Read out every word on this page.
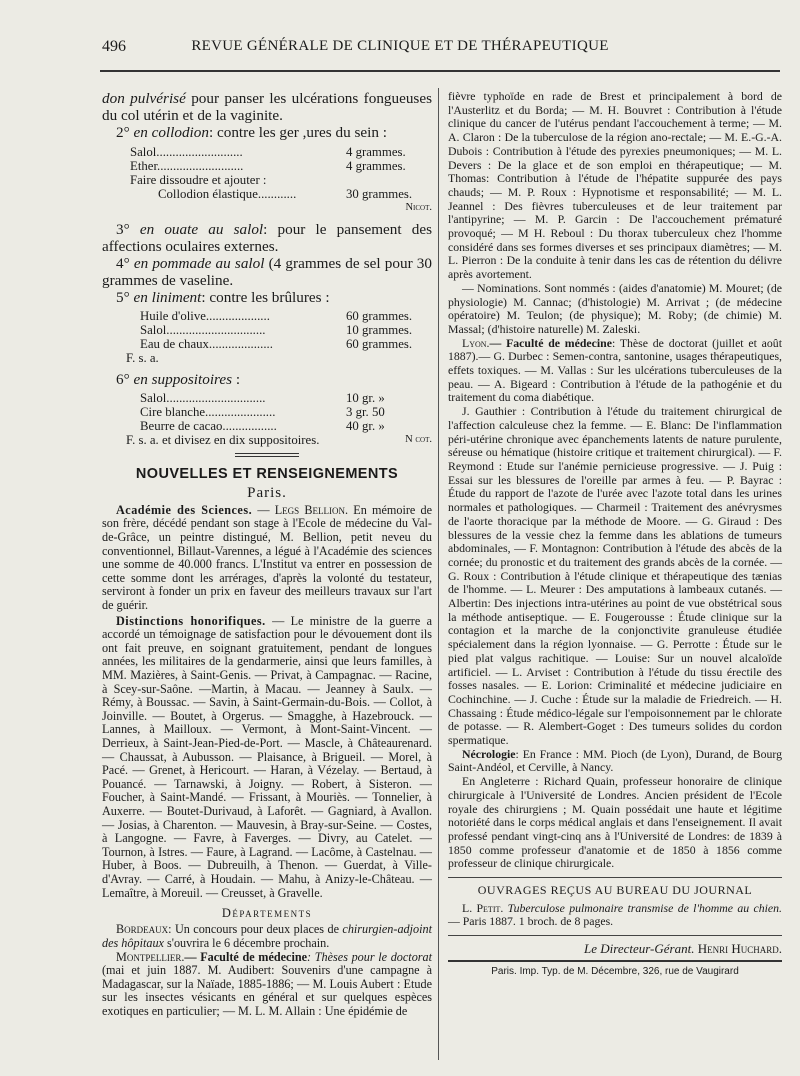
496	REVUE GÉNÉRALE DE CLINIQUE ET DE THÉRAPEUTIQUE

don pulvérisé pour panser les ulcérations fongueuses du col utérin et de la vaginite.

2° en collodion: contre les ger ,ures du sein :

Salol...........................	4 grammes.
Ether...........................	4 grammes.
Faire dissoudre et ajouter :
Collodion élastique............	30 grammes.
Nicot.

3° en ouate au salol: pour le pansement des affections oculaires externes.

4° en pommade au salol (4 grammes de sel pour 30 grammes de vaseline.

5° en liniment: contre les brûlures :

Huile d'olive....................	60 grammes.
Salol...............................	10 grammes.
Eau de chaux....................	60 grammes.
F. s. a.

6° en suppositoires :

Salol...............................	10 gr. »
Cire blanche......................	3 gr. 50
Beurre de cacao.................	40 gr. »
F. s. a. et divisez en dix suppositoires.	N cot.
NOUVELLES ET RENSEIGNEMENTS
Paris.

Académie des Sciences. — Legs Bellion. En mémoire de son frère, décédé pendant son stage à l'Ecole de médecine du Val-de-Grâce, un peintre distingué, M. Bellion, petit neveu du conventionnel, Billaut-Varennes, a légué à l'Académie des sciences une somme de 40.000 francs. L'Institut va entrer en possession de cette somme dont les arrérages, d'après la volonté du testateur, serviront à fonder un prix en faveur des meilleurs travaux sur l'art de guérir.

Distinctions honorifiques. — Le ministre de la guerre a accordé un témoignage de satisfaction pour le dévouement dont ils ont fait preuve, en soignant gratuitement, pendant de longues années, les militaires de la gendarmerie, ainsi que leurs familles, à MM. Mazières, à Saint-Genis. — Privat, à Campagnac. — Racine, à Scey-sur-Saône. —Martin, à Macau. — Jeanney à Saulx. — Rémy, à Boussac. — Savin, à Saint-Germain-du-Bois. — Collot, à Joinville. — Boutet, à Orgerus. — Smagghe, à Hazebrouck. — Lannes, à Mailloux. — Vermont, à Mont-Saint-Vincent. — Derrieux, à Saint-Jean-Pied-de-Port. — Mascle, à Châteaurenard. — Chaussat, à Aubusson. — Plaisance, à Brigueil. — Morel, à Pacé. — Grenet, à Hericourt. — Haran, à Vézelay. — Bertaud, à Pouancé. — Tarnawski, à Joigny. — Robert, à Sisteron. — Foucher, à Saint-Mandé. — Frissant, à Mouriès. — Tonnelier, à Auxerre. — Boutet-Durivaud, à Laforêt. — Gagniard, à Avallon. — Josias, à Charenton. — Mauvesin, à Bray-sur-Seine. — Costes, à Langogne. — Favre, à Faverges. — Divry, au Catelet. — Tournon, à Istres. — Faure, à Lagrand. — Lacôme, à Castelnau. — Huber, à Boos. — Dubreuilh, à Thenon. — Guerdat, à Ville-d'Avray. — Carré, à Houdain. — Mahu, à Anizy-le-Château. —Lemaître, à Moreuil. — Creusset, à Gravelle.

Départements

Bordeaux: Un concours pour deux places de chirurgien-adjoint des hôpitaux s'ouvrira le 6 décembre prochain.

Montpellier.— Faculté de médecine: Thèses pour le doctorat (mai et juin 1887. M. Audibert: Souvenirs d'une campagne à Madagascar, sur la Naïade, 1885-1886; — M. Louis Aubert : Etude sur les insectes vésicants en général et sur quelques espèces exotiques en particulier; — M. L. M. Allain : Une épidémie de

fièvre typhoïde en rade de Brest et principalement à bord de l'Austerlitz et du Borda; — M. H. Bouvret : Contribution à l'étude clinique du cancer de l'utérus pendant l'accouchement à terme; — M. A. Claron : De la tuberculose de la région ano-rectale; — M. E.-G.-A. Dubois : Contribution à l'étude des pyrexies pneumoniques; — M. L. Devers : De la glace et de son emploi en thérapeutique; — M. Thomas: Contribution à l'étude de l'hépatite suppurée des pays chauds; — M. P. Roux : Hypnotisme et responsabilité; — M. L. Jeannel : Des fièvres tuberculeuses et de leur traitement par l'antipyrine; — M. P. Garcin : De l'accouchement prématuré provoqué; — M H. Reboul : Du thorax tuberculeux chez l'homme considéré dans ses formes diverses et ses principaux diamètres; — M. L. Pierron : De la conduite à tenir dans les cas de rétention du délivre après avortement.

— Nominations. Sont nommés : (aides d'anatomie) M. Mouret; (de physiologie) M. Cannac; (d'histologie) M. Arrivat ; (de médecine opératoire) M. Teulon; (de physique); M. Roby; (de chimie) M. Massal; (d'histoire naturelle) M. Zaleski.

Lyon.— Faculté de médecine: Thèse de doctorat (juillet et août 1887).— G. Durbec : Semen-contra, santonine, usages thérapeutiques, effets toxiques. — M. Vallas : Sur les ulcérations tuberculeuses de la peau. — A. Bigeard : Contribution à l'étude de la pathogénie et du traitement du coma diabétique.

J. Gauthier : Contribution à l'étude du traitement chirurgical de l'affection calculeuse chez la femme. — E. Blanc: De l'inflammation péri-utérine chronique avec épanchements latents de nature purulente, séreuse ou hématique (histoire critique et traitement chirurgical). — F. Reymond : Etude sur l'anémie pernicieuse progressive. — J. Puig : Essai sur les blessures de l'oreille par armes à feu. — P. Bayrac : Étude du rapport de l'azote de l'urée avec l'azote total dans les urines normales et pathologiques. — Charmeil : Traitement des anévrysmes de l'aorte thoracique par la méthode de Moore. — G. Giraud : Des blessures de la vessie chez la femme dans les ablations de tumeurs abdominales, — F. Montagnon: Contribution à l'étude des abcès de la cornée; du pronostic et du traitement des grands abcès de la cornée. — G. Roux : Contribution à l'étude clinique et thérapeutique des tænias de l'homme. — L. Meurer : Des amputations à lambeaux cutanés. — Albertin: Des injections intra-utérines au point de vue obstétrical sous la méthode antiseptique. — E. Fougerousse : Étude clinique sur la contagion et la marche de la conjonctivite granuleuse étudiée spécialement dans la région lyonnaise. — G. Perrotte : Étude sur le pied plat valgus rachitique. — Louise: Sur un nouvel alcaloïde artificiel. — L. Arviset : Contribution à l'étude du tissu érectile des fosses nasales. — E. Lorion: Criminalité et médecine judiciaire en Cochinchine. — J. Cuche : Étude sur la maladie de Friedreich. — H. Chassaing : Étude médico-légale sur l'empoisonnement par le chlorate de potasse. — R. Alembert-Goget : Des tumeurs solides du cordon spermatique.

Nécrologie: En France : MM. Pioch (de Lyon), Durand, de Bourg Saint-Andéol, et Cerville, à Nancy.

En Angleterre : Richard Quain, professeur honoraire de clinique chirurgicale à l'Université de Londres. Ancien président de l'Ecole royale des chirurgiens ; M. Quain possédait une haute et légitime notoriété dans le corps médical anglais et dans l'enseignement. Il avait professé pendant vingt-cinq ans à l'Université de Londres: de 1839 à 1850 comme professeur d'anatomie et de 1850 à 1856 comme professeur de clinique chirurgicale.

OUVRAGES REÇUS AU BUREAU DU JOURNAL

L. Petit. Tuberculose pulmonaire transmise de l'homme au chien. — Paris 1887. 1 broch. de 8 pages.

Le Directeur-Gérant. Henri Huchard.
Paris. Imp. Typ. de M. Décembre, 326, rue de Vaugirard
